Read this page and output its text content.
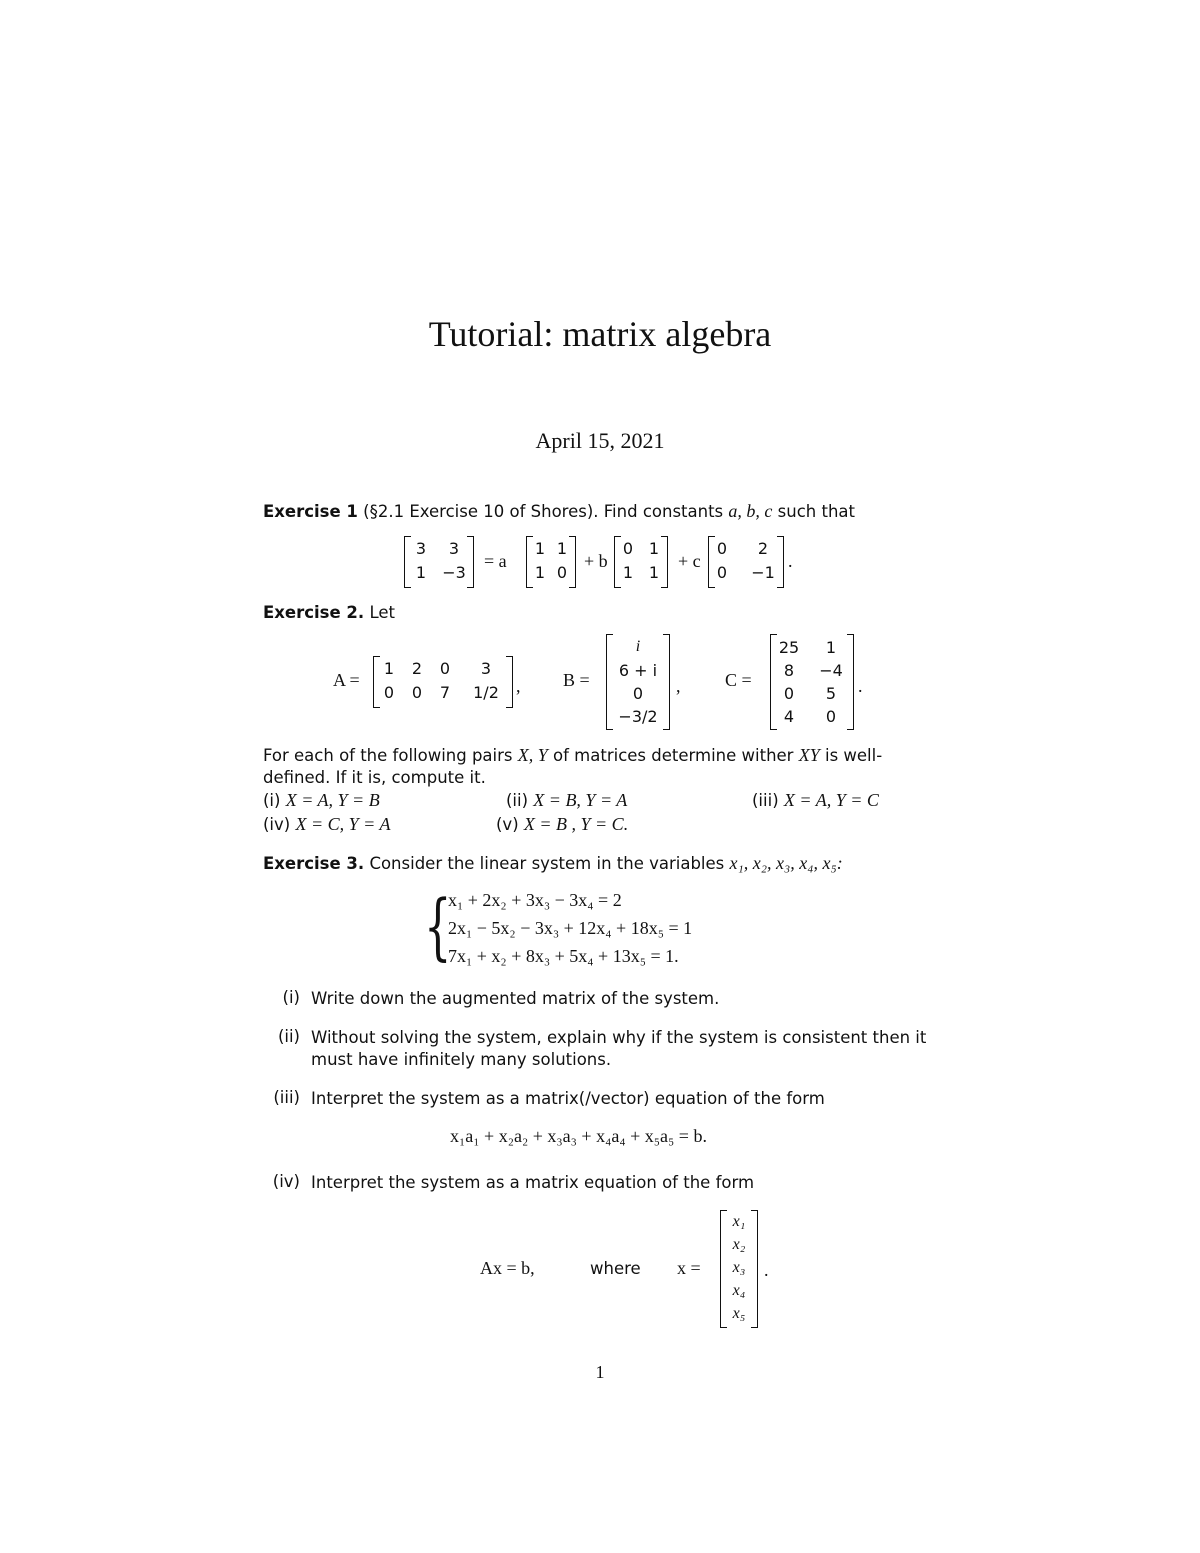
Tutorial: matrix algebra
April 15, 2021
Exercise 1 (§2.1 Exercise 10 of Shores). Find constants a, b, c such that
3	3
1 −3
= a
1 1
1 0
+ b
0 1
1 1
+ c
0	2
0 −1
.
Exercise 2. Let
A =
1 2 0	3
0 0 7	1/2 , B =
i
6 + i
0
−3/2
, C =
25	1
8	−4
0	5
4	0
.
For each of the following pairs X, Y of matrices determine wither XY is well-
defined. If it is, compute it.
(i) X = A, Y = B	(ii) X = B, Y = A	(iii) X = A, Y = C
(iv) X = C, Y = A	(v) X = B , Y = C.
Exercise 3. Consider the linear system in the variables x₁, x₂, x₃, x₄, x₅:
{
x₁ + 2x₂ + 3x₃ − 3x₄ = 2
2x₁ − 5x₂ − 3x₃ + 12x₄ + 18x₅ = 1
7x₁ + x₂ + 8x₃ + 5x₄ + 13x₅ = 1.
(i) Write down the augmented matrix of the system.
(ii) Without solving the system, explain why if the system is consistent then it must have infinitely many solutions.
(iii) Interpret the system as a matrix(/vector) equation of the form
x₁a₁ + x₂a₂ + x₃a₃ + x₄a₄ + x₅a₅ = b.
(iv) Interpret the system as a matrix equation of the form
Ax = b,	where x =
x₁
x₂
x₃
x₄
x₅
.
1
